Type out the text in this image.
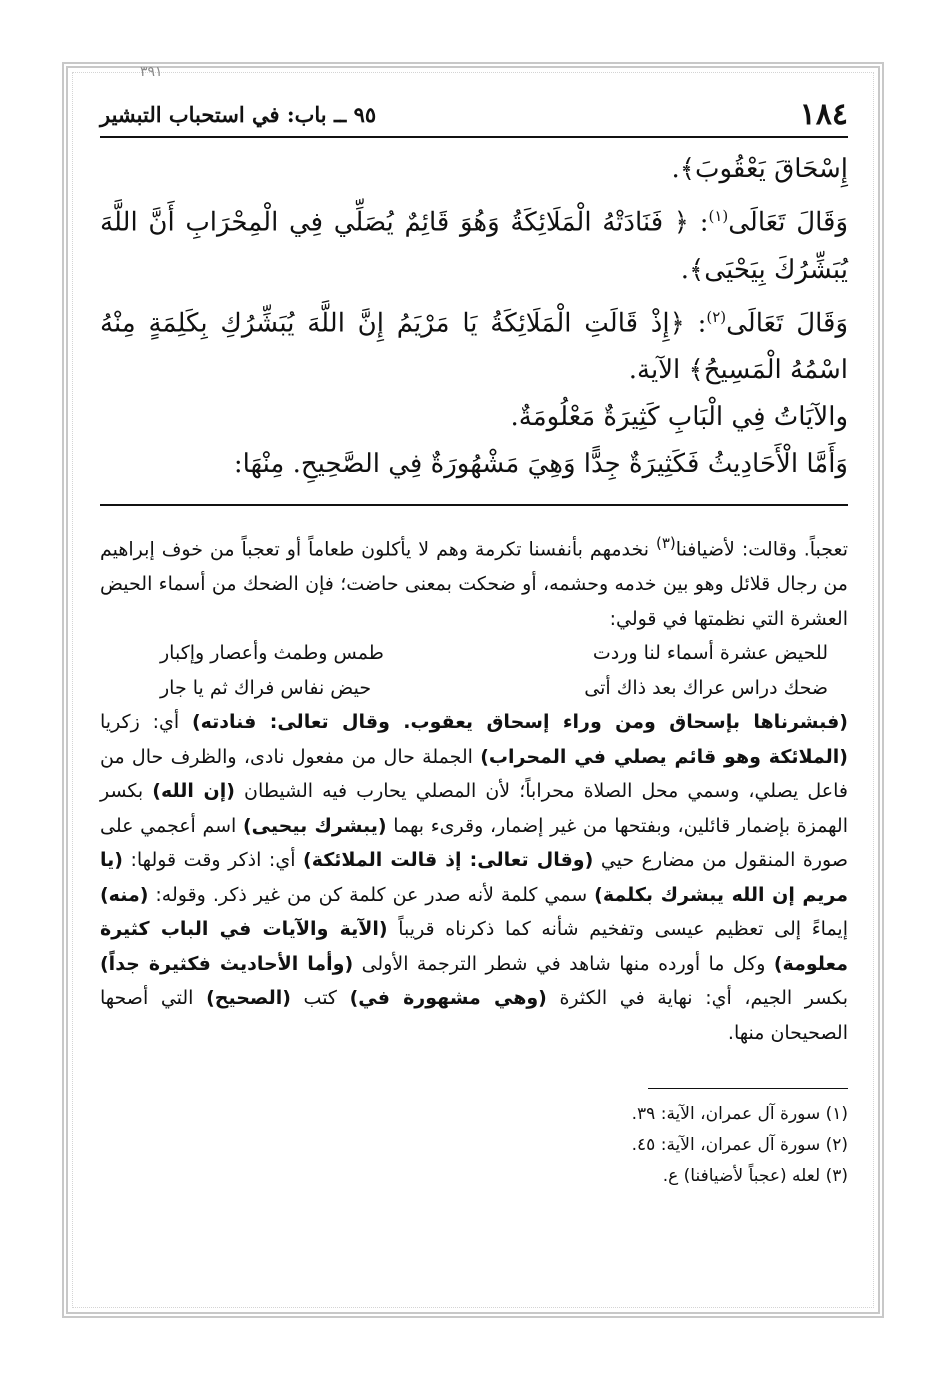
٣٩١
١٨٤
٩٥ ــ باب: في استحباب التبشير

إِسْحَاقَ يَعْقُوبَ﴾.

وَقَالَ تَعَالَى$^{(١)}$: ﴿ فَنَادَتْهُ الْمَلَائِكَةُ وَهُوَ قَائِمٌ يُصَلِّي فِي الْمِحْرَابِ أَنَّ اللَّهَ يُبَشِّرُكَ بِيَحْيَى﴾.

وَقَالَ تَعَالَى$^{(٢)}$: ﴿إِذْ قَالَتِ الْمَلَائِكَةُ يَا مَرْيَمُ إِنَّ اللَّهَ يُبَشِّرُكِ بِكَلِمَةٍ مِنْهُ اسْمُهُ الْمَسِيحُ﴾ الآية.

والآيَاتُ فِي الْبَابِ كَثِيرَةٌ مَعْلُومَةٌ.

وَأَمَّا الْأَحَادِيثُ فَكَثِيرَةٌ جِدًّا وَهِيَ مَشْهُورَةٌ فِي الصَّحِيحِ. مِنْهَا:

تعجباً. وقالت: لأضيافنا$^{(٣)}$ نخدمهم بأنفسنا تكرمة وهم لا يأكلون طعاماً أو تعجباً من خوف إبراهيم من رجال قلائل وهو بين خدمه وحشمه، أو ضحكت بمعنى حاضت؛ فإن الضحك من أسماء الحيض العشرة التي نظمتها في قولي:

للحيض عشرة أسماء لنا وردت
طمس وطمث وأعصار وإكبار
ضحك دراس عراك بعد ذاك أتى
حيض نفاس فراك ثم يا جار

(فبشرناها بإسحاق ومن وراء إسحاق يعقوب. وقال تعالى: فنادته) أي: زكريا (الملائكة وهو قائم يصلي في المحراب) الجملة حال من مفعول نادى، والظرف حال من فاعل يصلي، وسمي محل الصلاة محراباً؛ لأن المصلي يحارب فيه الشيطان (إن الله) بكسر الهمزة بإضمار قائلين، وبفتحها من غير إضمار، وقرىء بهما (يبشرك بيحيى) اسم أعجمي على صورة المنقول من مضارع حيي (وقال تعالى: إذ قالت الملائكة) أي: اذكر وقت قولها: (يا مريم إن الله يبشرك بكلمة) سمي كلمة لأنه صدر عن كلمة كن من غير ذكر. وقوله: (منه) إيماءً إلى تعظيم عيسى وتفخيم شأنه كما ذكرناه قريباً (الآية والآيات في الباب كثيرة معلومة) وكل ما أورده منها شاهد في شطر الترجمة الأولى (وأما الأحاديث فكثيرة جداً) بكسر الجيم، أي: نهاية في الكثرة (وهي مشهورة في) كتب (الصحيح) التي أصحها الصحيحان منها.

(١) سورة آل عمران، الآية: ٣٩.

(٢) سورة آل عمران، الآية: ٤٥.

(٣) لعله (عجباً لأضيافنا) ع.
